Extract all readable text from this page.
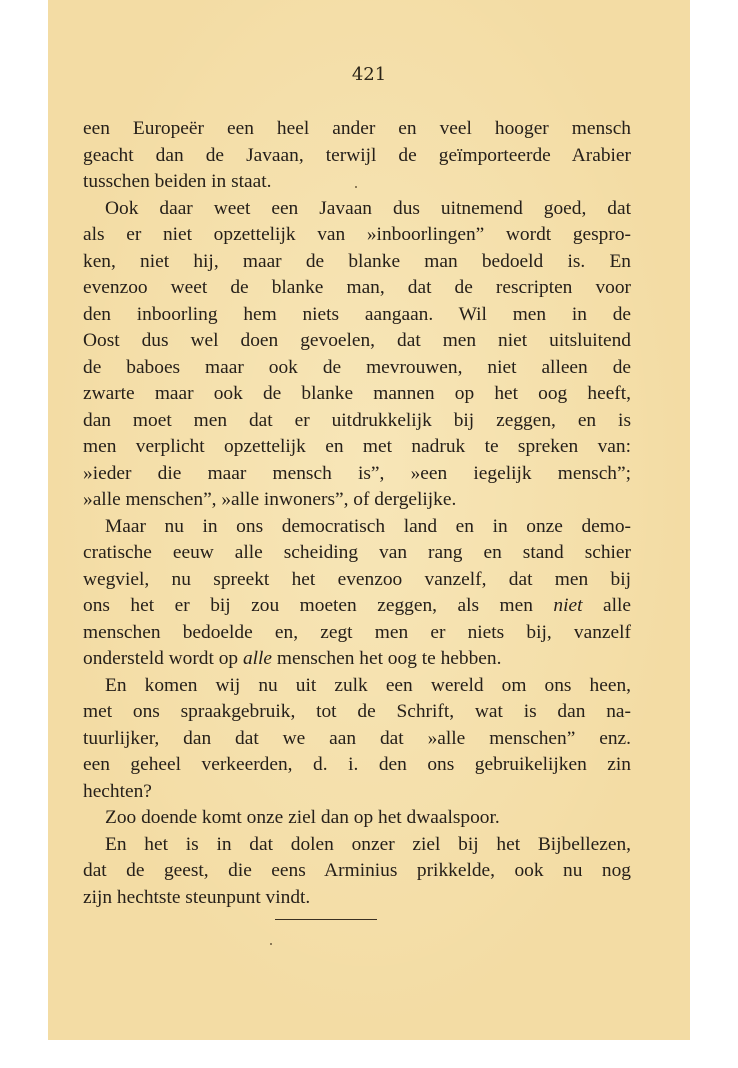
421
een Europeër een heel ander en veel hooger mensch
geacht dan de Javaan, terwijl de geïmporteerde Arabier
tusschen beiden in staat.
Ook daar weet een Javaan dus uitnemend goed, dat
als er niet opzettelijk van »inboorlingen” wordt gespro-
ken, niet hij, maar de blanke man bedoeld is. En
evenzoo weet de blanke man, dat de rescripten voor
den inboorling hem niets aangaan. Wil men in de
Oost dus wel doen gevoelen, dat men niet uitsluitend
de baboes maar ook de mevrouwen, niet alleen de
zwarte maar ook de blanke mannen op het oog heeft,
dan moet men dat er uitdrukkelijk bij zeggen, en is
men verplicht opzettelijk en met nadruk te spreken van:
»ieder die maar mensch is”, »een iegelijk mensch”;
»alle menschen”, »alle inwoners”, of dergelijke.
Maar nu in ons democratisch land en in onze demo-
cratische eeuw alle scheiding van rang en stand schier
wegviel, nu spreekt het evenzoo vanzelf, dat men bij
ons het er bij zou moeten zeggen, als men niet alle
menschen bedoelde en, zegt men er niets bij, vanzelf
ondersteld wordt op alle menschen het oog te hebben.
En komen wij nu uit zulk een wereld om ons heen,
met ons spraakgebruik, tot de Schrift, wat is dan na-
tuurlijker, dan dat we aan dat »alle menschen” enz.
een geheel verkeerden, d. i. den ons gebruikelijken zin
hechten?
Zoo doende komt onze ziel dan op het dwaalspoor.
En het is in dat dolen onzer ziel bij het Bijbellezen,
dat de geest, die eens Arminius prikkelde, ook nu nog
zijn hechtste steunpunt vindt.
